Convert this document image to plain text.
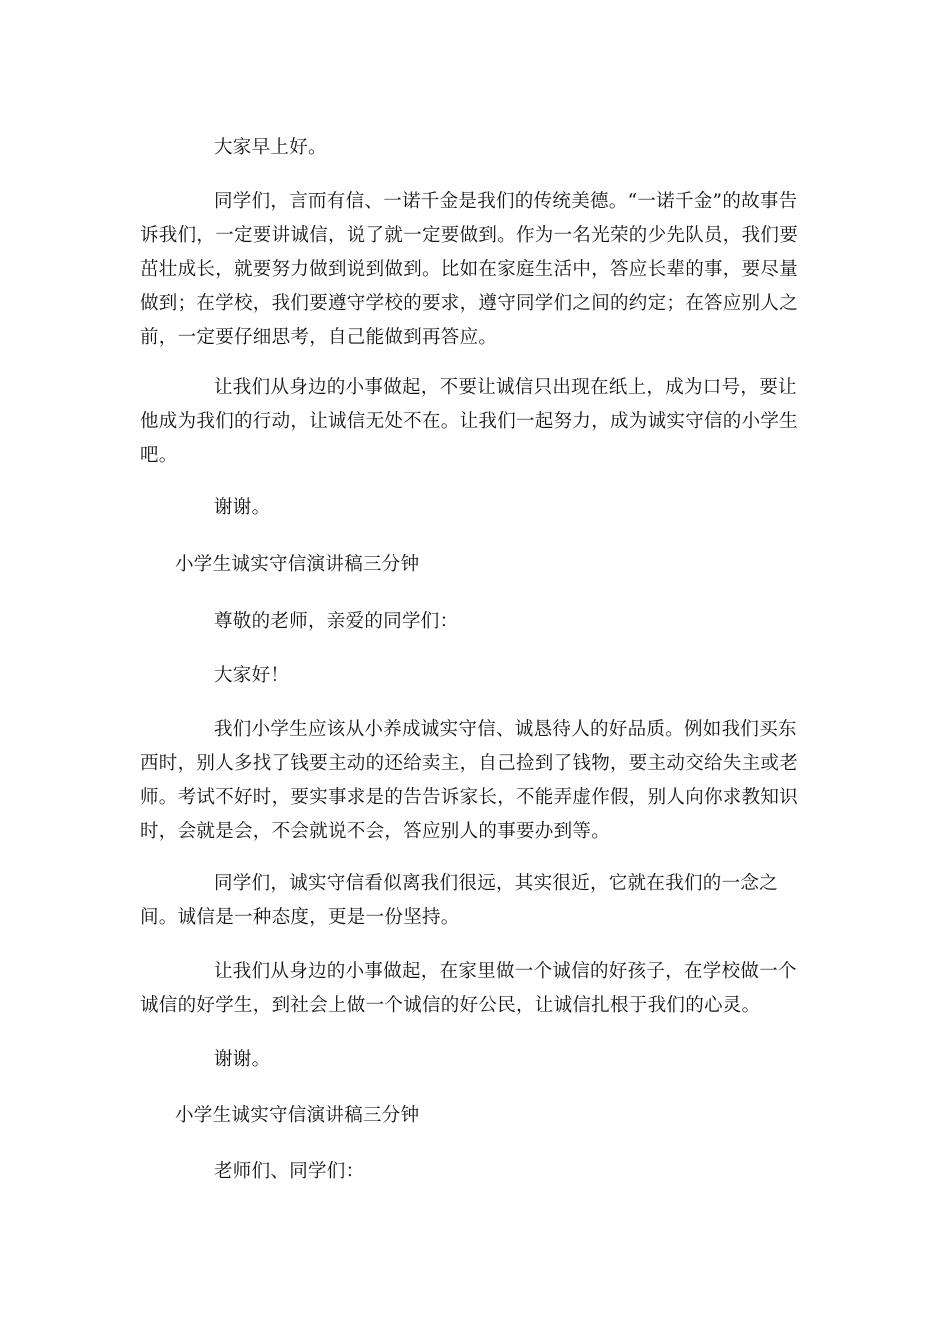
大家早上好。

同学们，言而有信、一诺千金是我们的传统美德。“一诺千金”的故事告诉我们，一定要讲诚信，说了就一定要做到。作为一名光荣的少先队员，我们要茁壮成长，就要努力做到说到做到。比如在家庭生活中，答应长辈的事，要尽量做到；在学校，我们要遵守学校的要求，遵守同学们之间的约定；在答应别人之前，一定要仔细思考，自己能做到再答应。

让我们从身边的小事做起，不要让诚信只出现在纸上，成为口号，要让他成为我们的行动，让诚信无处不在。让我们一起努力，成为诚实守信的小学生吧。

谢谢。

小学生诚实守信演讲稿三分钟

尊敬的老师，亲爱的同学们：

大家好！

我们小学生应该从小养成诚实守信、诚恳待人的好品质。例如我们买东西时，别人多找了钱要主动的还给卖主，自己捡到了钱物，要主动交给失主或老师。考试不好时，要实事求是的告告诉家长，不能弄虚作假，别人向你求教知识时，会就是会，不会就说不会，答应别人的事要办到等。

同学们，诚实守信看似离我们很远，其实很近，它就在我们的一念之间。诚信是一种态度，更是一份坚持。

让我们从身边的小事做起，在家里做一个诚信的好孩子，在学校做一个诚信的好学生，到社会上做一个诚信的好公民，让诚信扎根于我们的心灵。

谢谢。

小学生诚实守信演讲稿三分钟

老师们、同学们：
